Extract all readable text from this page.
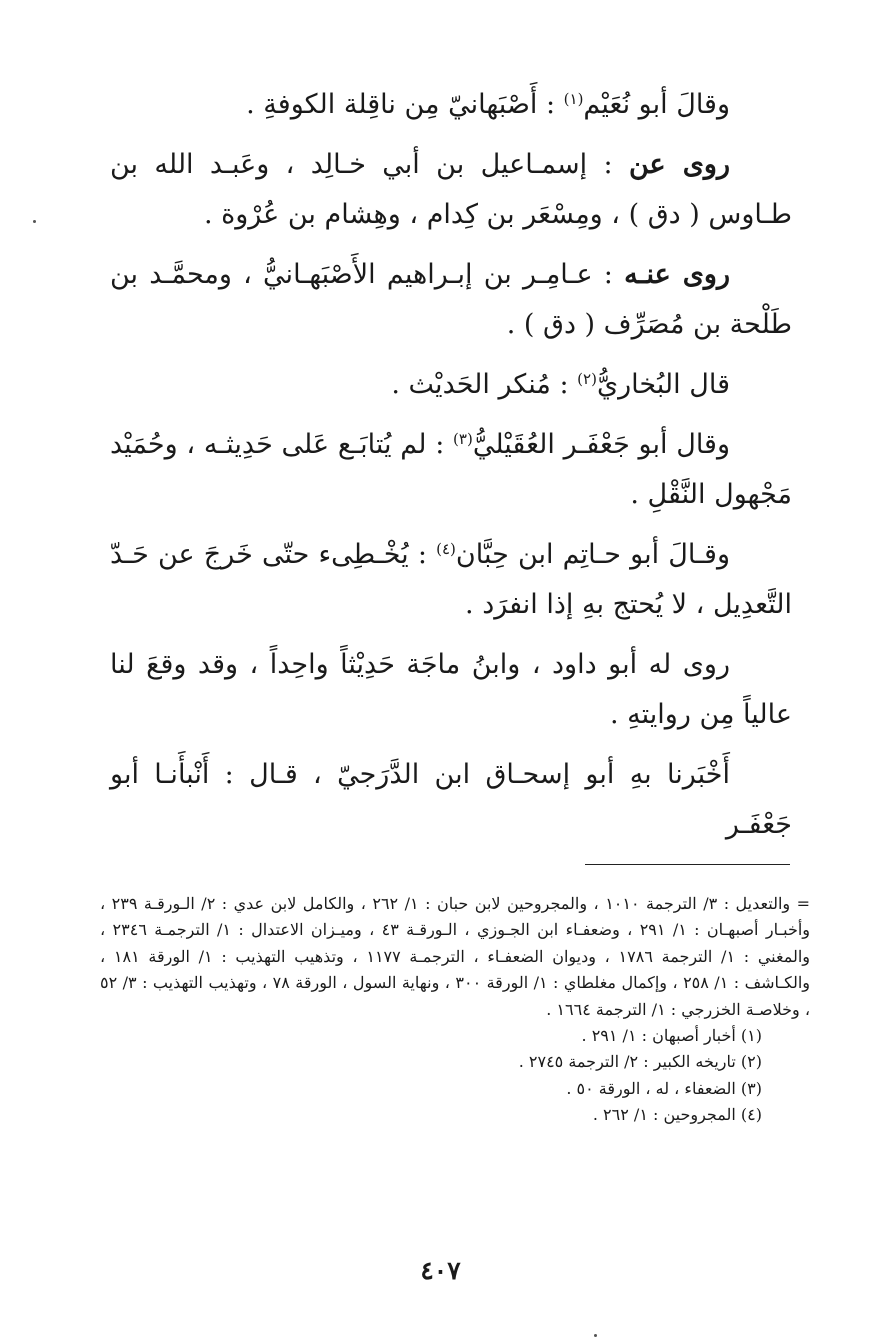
وقالَ أبو نُعَيْم$^{(١)}$ : أَصْبَهانيّ مِن ناقِلة الكوفةِ .

روى عن : إسمـاعيل بن أبي خـالِد ، وعَبـد الله بن طـاوس ( دق ) ، ومِسْعَر بن كِدام ، وهِشام بن عُرْوة .

روى عنـه : عـامِـر بن إبـراهيم الأَصْبَهـانيُّ ، ومحمَّـد بن طَلْحة بن مُصَرِّف ( دق ) .

قال البُخاريُّ$^{(٢)}$ : مُنكر الحَديْث .

وقال أبو جَعْفَـر العُقَيْليُّ$^{(٣)}$ : لم يُتابَـع عَلى حَدِيثـه ، وحُمَيْد مَجْهول النَّقْلِ .

وقـالَ أبو حـاتِم ابن حِبَّان$^{(٤)}$ : يُخْـطِىء حتّى خَرجَ عن حَـدّ التَّعدِيل ، لا يُحتج بهِ إذا انفرَد .

روى له أبو داود ، وابنُ ماجَة حَدِيْثاً واحِداً ، وقد وقعَ لنا عالياً مِن روايتهِ .

أَخْبَرنا بهِ أبو إسحـاق ابن الدَّرَجيّ ، قـال : أَنْبأَنـا أبو جَعْفَـر

= والتعديل : ٣/ الترجمة ١٠١٠ ، والمجروحين لابن حبان : ١/ ٢٦٢ ، والكامل لابن عدي : ٢/ الـورقـة ٢٣٩ ، وأخبـار أصبهـان : ١/ ٢٩١ ، وضعفـاء ابن الجـوزي ، الـورقـة ٤٣ ، وميـزان الاعتدال : ١/ الترجمـة ٢٣٤٦ ، والمغني : ١/ الترجمة ١٧٨٦ ، وديوان الضعفـاء ، الترجمـة ١١٧٧ ، وتذهيب التهذيب : ١/ الورقة ١٨١ ، والكـاشف : ١/ ٢٥٨ ، وإكمال مغلطاي : ١/ الورقة ٣٠٠ ، ونهاية السول ، الورقة ٧٨ ، وتهذيب التهذيب : ٣/ ٥٢ ، وخلاصـة الخزرجي : ١/ الترجمة ١٦٦٤ .

(١) أخبار أصبهان : ١/ ٢٩١ .

(٢) تاريخه الكبير : ٢/ الترجمة ٢٧٤٥ .

(٣) الضعفاء ، له ، الورقة ٥٠ .

(٤) المجروحين : ١/ ٢٦٢ .

٤٠٧
